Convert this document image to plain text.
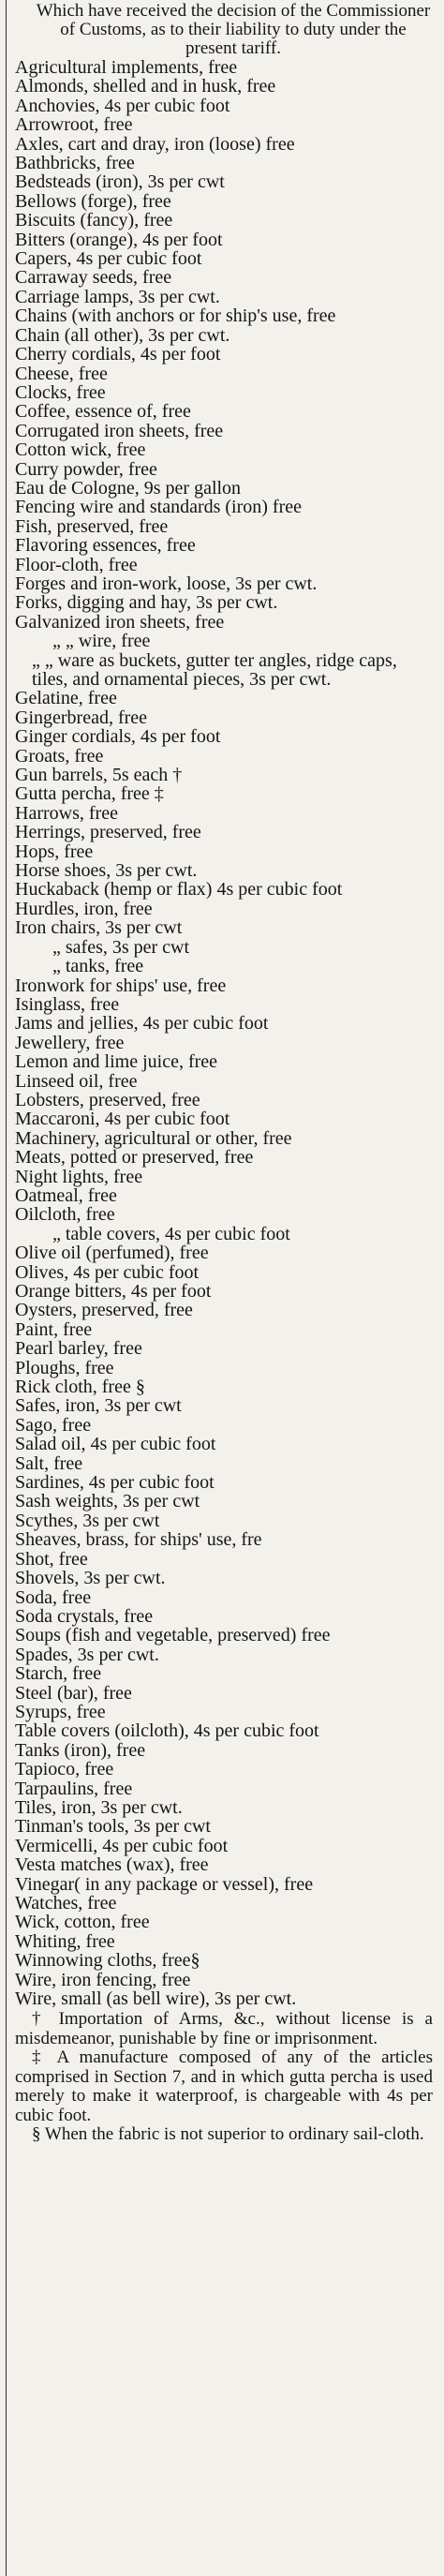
Which have received the decision of the Commissioner of Customs, as to their liability to duty under the present tariff.

Agricultural implements, free
Almonds, shelled and in husk, free
Anchovies, 4s per cubic foot
Arrowroot, free
Axles, cart and dray, iron (loose) free
Bathbricks, free
Bedsteads (iron), 3s per cwt
Bellows (forge), free
Biscuits (fancy), free
Bitters (orange), 4s per foot
Capers, 4s per cubic foot
Carraway seeds, free
Carriage lamps, 3s per cwt.
Chains (with anchors or for ship's use, free
Chain (all other), 3s per cwt.
Cherry cordials, 4s per foot
Cheese, free
Clocks, free
Coffee, essence of, free
Corrugated iron sheets, free
Cotton wick, free
Curry powder, free
Eau de Cologne, 9s per gallon
Fencing wire and standards (iron) free
Fish, preserved, free
Flavoring essences, free
Floor-cloth, free
Forges and iron-work, loose, 3s per cwt.
Forks, digging and hay, 3s per cwt.
Galvanized iron sheets, free
„ „ wire, free
„ „ ware as buckets, gutter ter angles, ridge caps, tiles, and ornamental pieces, 3s per cwt.
Gelatine, free
Gingerbread, free
Ginger cordials, 4s per foot
Groats, free
Gun barrels, 5s each †
Gutta percha, free ‡
Harrows, free
Herrings, preserved, free
Hops, free
Horse shoes, 3s per cwt.
Huckaback (hemp or flax) 4s per cubic foot
Hurdles, iron, free
Iron chairs, 3s per cwt
„ safes, 3s per cwt
„ tanks, free
Ironwork for ships' use, free
Isinglass, free
Jams and jellies, 4s per cubic foot
Jewellery, free
Lemon and lime juice, free
Linseed oil, free
Lobsters, preserved, free
Maccaroni, 4s per cubic foot
Machinery, agricultural or other, free
Meats, potted or preserved, free
Night lights, free
Oatmeal, free
Oilcloth, free
„ table covers, 4s per cubic foot
Olive oil (perfumed), free
Olives, 4s per cubic foot
Orange bitters, 4s per foot
Oysters, preserved, free
Paint, free
Pearl barley, free
Ploughs, free
Rick cloth, free §
Safes, iron, 3s per cwt
Sago, free
Salad oil, 4s per cubic foot
Salt, free
Sardines, 4s per cubic foot
Sash weights, 3s per cwt
Scythes, 3s per cwt
Sheaves, brass, for ships' use, fre
Shot, free
Shovels, 3s per cwt.
Soda, free
Soda crystals, free
Soups (fish and vegetable, preserved) free
Spades, 3s per cwt.
Starch, free
Steel (bar), free
Syrups, free
Table covers (oilcloth), 4s per cubic foot
Tanks (iron), free
Tapioco, free
Tarpaulins, free
Tiles, iron, 3s per cwt.
Tinman's tools, 3s per cwt
Vermicelli, 4s per cubic foot
Vesta matches (wax), free
Vinegar( in any package or vessel), free
Watches, free
Wick, cotton, free
Whiting, free
Winnowing cloths, free§
Wire, iron fencing, free
Wire, small (as bell wire), 3s per cwt.

† Importation of Arms, &c., without license is a misdemeanor, punishable by fine or imprisonment.

‡ A manufacture composed of any of the articles comprised in Section 7, and in which gutta percha is used merely to make it waterproof, is chargeable with 4s per cubic foot.

§ When the fabric is not superior to ordinary sail-cloth.
